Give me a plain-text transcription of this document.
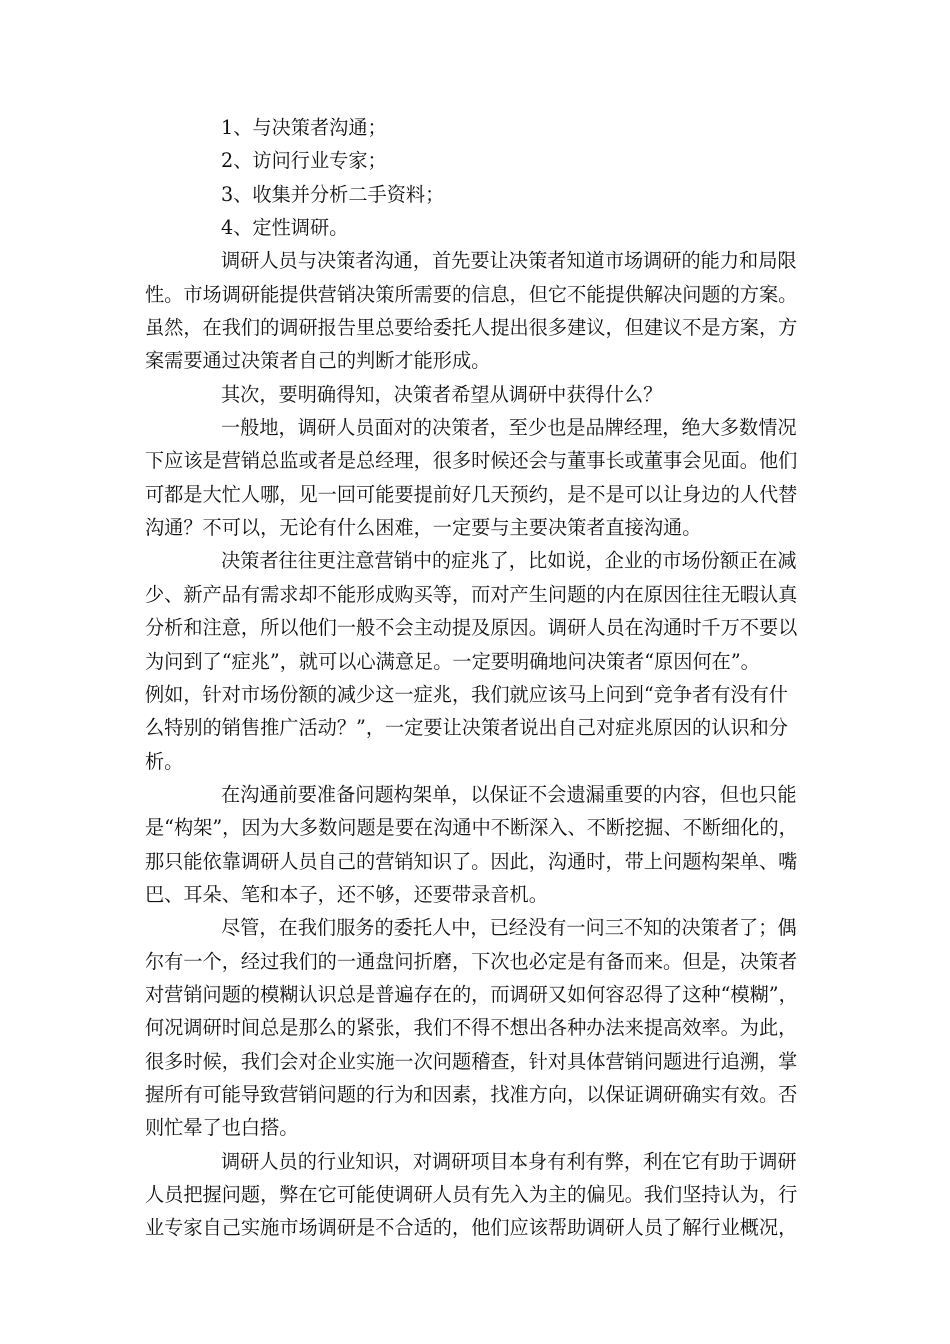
1、与决策者沟通；

2、访问行业专家；

3、收集并分析二手资料；

4、定性调研。

调研人员与决策者沟通，首先要让决策者知道市场调研的能力和局限
性。市场调研能提供营销决策所需要的信息，但它不能提供解决问题的方案。
虽然，在我们的调研报告里总要给委托人提出很多建议，但建议不是方案，方
案需要通过决策者自己的判断才能形成。
其次，要明确得知，决策者希望从调研中获得什么？
一般地，调研人员面对的决策者，至少也是品牌经理，绝大多数情况
下应该是营销总监或者是总经理，很多时候还会与董事长或董事会见面。他们
可都是大忙人哪，见一回可能要提前好几天预约，是不是可以让身边的人代替
沟通？不可以，无论有什么困难，一定要与主要决策者直接沟通。
决策者往往更注意营销中的症兆了，比如说，企业的市场份额正在减
少、新产品有需求却不能形成购买等，而对产生问题的内在原因往往无暇认真
分析和注意，所以他们一般不会主动提及原因。调研人员在沟通时千万不要以
为问到了“症兆”，就可以心满意足。一定要明确地问决策者“原因何在”。
例如，针对市场份额的减少这一症兆，我们就应该马上问到“竞争者有没有什
么特别的销售推广活动？”，一定要让决策者说出自己对症兆原因的认识和分
析。
在沟通前要准备问题构架单，以保证不会遗漏重要的内容，但也只能
是“构架”，因为大多数问题是要在沟通中不断深入、不断挖掘、不断细化的，
那只能依靠调研人员自己的营销知识了。因此，沟通时，带上问题构架单、嘴
巴、耳朵、笔和本子，还不够，还要带录音机。
尽管，在我们服务的委托人中，已经没有一问三不知的决策者了；偶
尔有一个，经过我们的一通盘问折磨，下次也必定是有备而来。但是，决策者
对营销问题的模糊认识总是普遍存在的，而调研又如何容忍得了这种“模糊”，
何况调研时间总是那么的紧张，我们不得不想出各种办法来提高效率。为此，
很多时候，我们会对企业实施一次问题稽查，针对具体营销问题进行追溯，掌
握所有可能导致营销问题的行为和因素，找准方向，以保证调研确实有效。否
则忙晕了也白搭。
调研人员的行业知识，对调研项目本身有利有弊，利在它有助于调研
人员把握问题，弊在它可能使调研人员有先入为主的偏见。我们坚持认为，行
业专家自己实施市场调研是不合适的，他们应该帮助调研人员了解行业概况，
